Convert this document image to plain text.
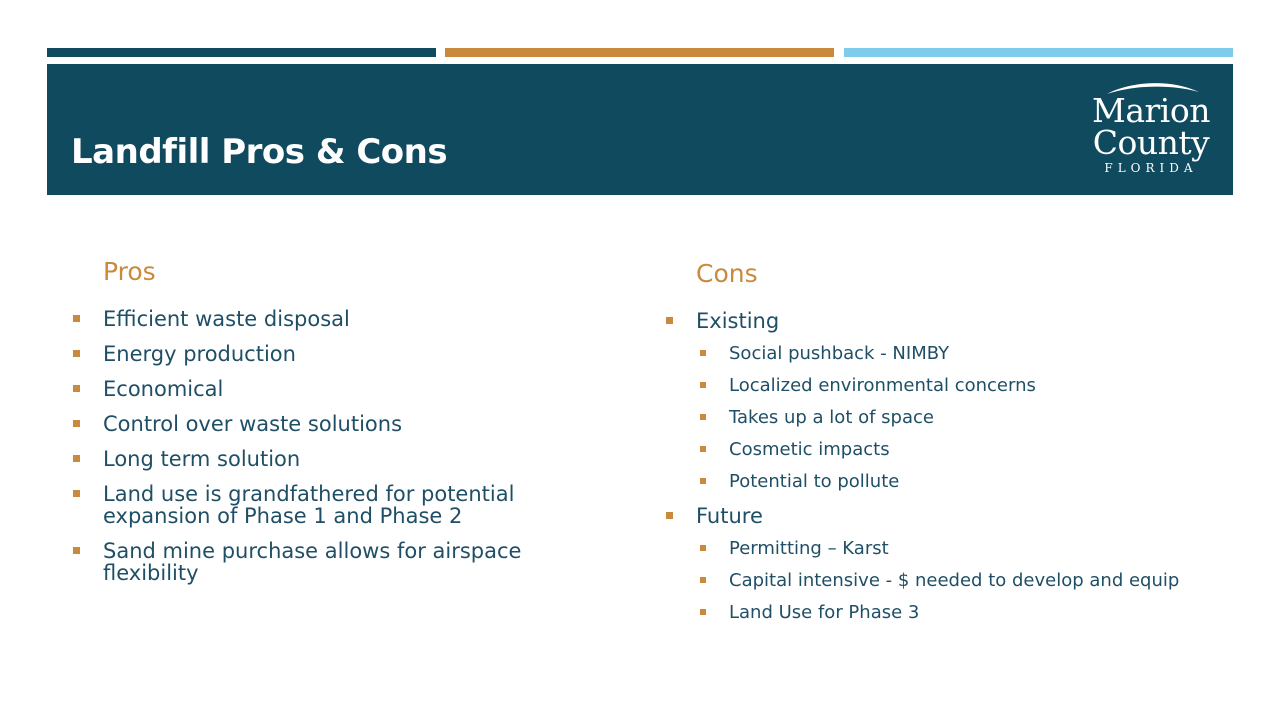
Landfill Pros & Cons
Marion
County
FLORIDA
Pros
Efficient waste disposal
Energy production
Economical
Control over waste solutions
Long term solution
Land use is grandfathered for potential expansion of Phase 1 and Phase 2
Sand mine purchase allows for airspace flexibility
Cons
Existing
Social pushback - NIMBY
Localized environmental concerns
Takes up a lot of space
Cosmetic impacts
Potential to pollute
Future
Permitting – Karst
Capital intensive - $ needed to develop and equip
Land Use for Phase 3
